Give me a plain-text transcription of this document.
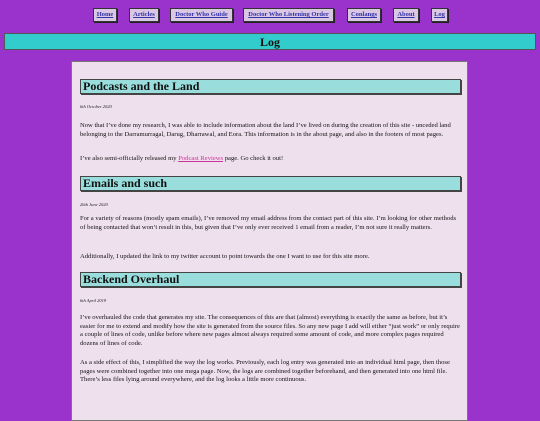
Home	Articles	Doctor Who Guide	Doctor Who Listening Order	Conlangs	About	Log
Log
Podcasts and the Land
6th October 2020

Now that I’ve done my research, I was able to include information about the land I’ve lived on during the creation of this site - unceded land belonging to the Darramurragal, Darug, Dharrawal, and Eora. This information is in the about page, and also in the footers of most pages.

I’ve also semi-officially released my Podcast Reviews page. Go check it out!

Emails and such
26th June 2020

For a variety of reasons (mostly spam emails), I’ve removed my email address from the contact part of this site. I’m looking for other methods of being contacted that won’t result in this, but given that I’ve only ever received 1 email from a reader, I’m not sure it really matters.

Additionally, I updated the link to my twitter account to point towards the one I want to use for this site more.

Backend Overhaul
6th April 2019

I’ve overhauled the code that generates my site. The consequences of this are that (almost) everything is exactly the same as before, but it’s easier for me to extend and modify how the site is generated from the source files. So any new page I add will either “just work” or only require a couple of lines of code, unlike before where new pages almost always required some amount of code, and more complex pages required dozens of lines of code.

As a side effect of this, I simplified the way the log works. Previously, each log entry was generated into an individual html page, then those pages were combined together into one mega page. Now, the logs are combined together beforehand, and then generated into one html file. There’s less files lying around everywhere, and the log looks a little more continuous.
